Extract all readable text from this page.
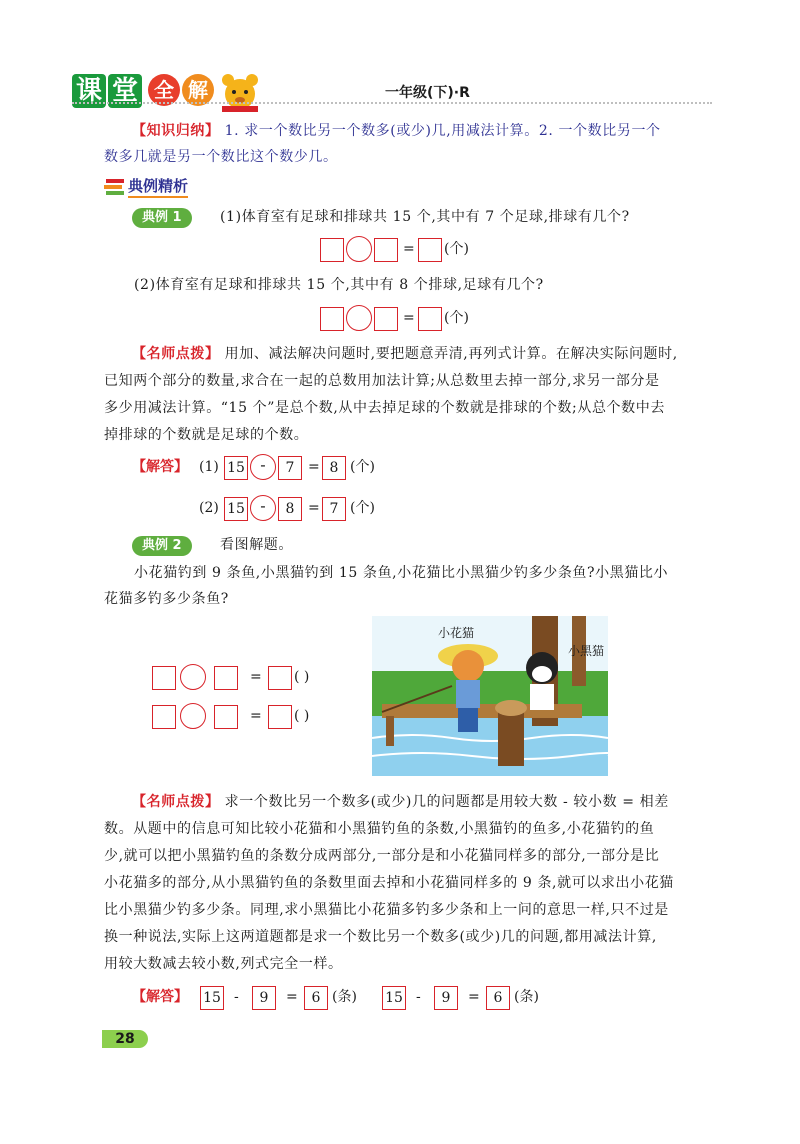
课 堂 全 解	一年级(下)·R
【知识归纳】 1. 求一个数比另一个数多(或少)几,用减法计算。2. 一个数比另一个
数多几就是另一个数比这个数少几。
典例精析
典例 1	(1)体育室有足球和排球共 15 个,其中有 7 个足球,排球有几个?
= (个)
(2)体育室有足球和排球共 15 个,其中有 8 个排球,足球有几个?
= (个)
【名师点拨】 用加、减法解决问题时,要把题意弄清,再列式计算。在解决实际问题时,
已知两个部分的数量,求合在一起的总数用加法计算;从总数里去掉一部分,求另一部分是
多少用减法计算。“15 个”是总个数,从中去掉足球的个数就是排球的个数;从总个数中去
掉排球的个数就是足球的个数。
【解答】 (1) 15 -	7 = 8 (个)
(2) 15 -	8 = 7 (个)
典例 2	看图解题。
小花猫钓到 9 条鱼,小黑猫钓到 15 条鱼,小花猫比小黑猫少钓多少条鱼?小黑猫比小
花猫多钓多少条鱼?
= ( )
= ( )
小花猫
小黑猫
【名师点拨】 求一个数比另一个数多(或少)几的问题都是用较大数 - 较小数 = 相差
数。从题中的信息可知比较小花猫和小黑猫钓鱼的条数,小黑猫钓的鱼多,小花猫钓的鱼
少,就可以把小黑猫钓鱼的条数分成两部分,一部分是和小花猫同样多的部分,一部分是比
小花猫多的部分,从小黑猫钓鱼的条数里面去掉和小花猫同样多的 9 条,就可以求出小花猫
比小黑猫少钓多少条。同理,求小黑猫比小花猫多钓多少条和上一问的意思一样,只不过是
换一种说法,实际上这两道题都是求一个数比另一个数多(或少)几的问题,都用减法计算,
用较大数减去较小数,列式完全一样。
【解答】 15 -	9	= 6 (条) 15 -	9	= 6 (条)
28
